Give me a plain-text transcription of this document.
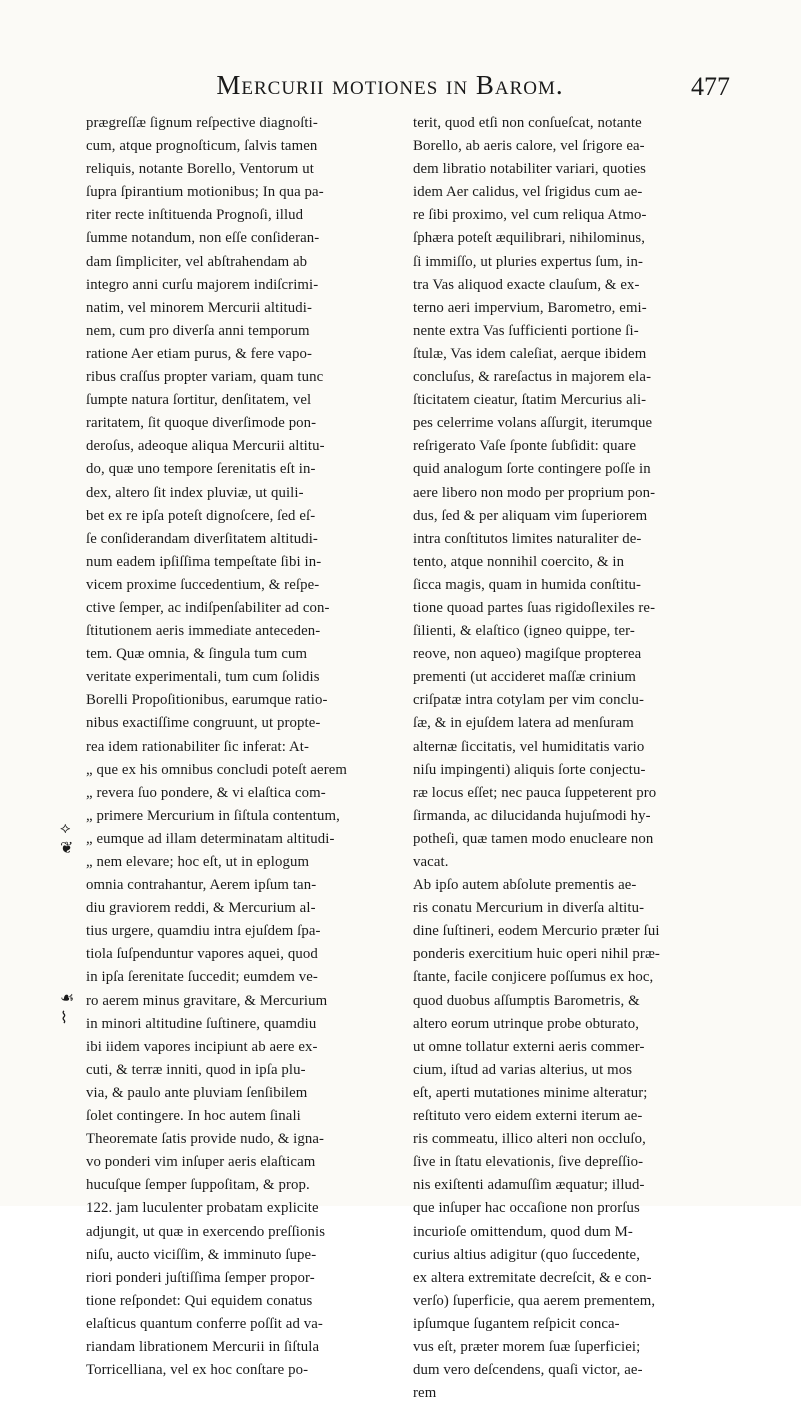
Mercurii motiones in Barom.	477
⟡
❦
☙
⌇
prægreſſæ ſignum reſpective diagnoſti-
cum, atque prognoſticum, ſalvis tamen
reliquis, notante Borello, Ventorum ut
ſupra ſpirantium motionibus; In qua pa-
riter recte inſtituenda Prognoſi, illud
ſumme notandum, non eſſe conſideran-
dam ſimpliciter, vel abſtrahendam ab
integro anni curſu majorem indiſcrimi-
natim, vel minorem Mercurii altitudi-
nem, cum pro diverſa anni temporum
ratione Aer etiam purus, & fere vapo-
ribus craſſus propter variam, quam tunc
ſumpte natura ſortitur, denſitatem, vel
raritatem, ſit quoque diverſimode pon-
deroſus, adeoque aliqua Mercurii altitu-
do, quæ uno tempore ſerenitatis eſt in-
dex, altero ſit index pluviæ, ut quili-
bet ex re ipſa poteſt dignoſcere, ſed eſ-
ſe conſiderandam diverſitatem altitudi-
num eadem ipſiſſima tempeſtate ſibi in-
vicem proxime ſuccedentium, & reſpe-
ctive ſemper, ac indiſpenſabiliter ad con-
ſtitutionem aeris immediate anteceden-
tem. Quæ omnia, & ſingula tum cum
veritate experimentali, tum cum ſolidis
Borelli Propoſitionibus, earumque ratio-
nibus exactiſſime congruunt, ut propte-
rea idem rationabiliter ſic inferat: At-
„ que ex his omnibus concludi poteſt aerem
„ revera ſuo pondere, & vi elaſtica com-
„ primere Mercurium in ſiſtula contentum,
„ eumque ad illam determinatam altitudi-
„ nem elevare; hoc eſt, ut in eplogum
omnia contrahantur, Aerem ipſum tan-
diu graviorem reddi, & Mercurium al-
tius urgere, quamdiu intra ejuſdem ſpa-
tiola ſuſpenduntur vapores aquei, quod
in ipſa ſerenitate ſuccedit; eumdem ve-
ro aerem minus gravitare, & Mercurium
in minori altitudine ſuſtinere, quamdiu
ibi iidem vapores incipiunt ab aere ex-
cuti, & terræ inniti, quod in ipſa plu-
via, & paulo ante pluviam ſenſibilem
ſolet contingere. In hoc autem ſinali
Theoremate ſatis provide nudo, & igna-
vo ponderi vim inſuper aeris elaſticam
hucuſque ſemper ſuppoſitam, & prop.
122. jam luculenter probatam explicite
adjungit, ut quæ in exercendo preſſionis
niſu, aucto viciſſim, & imminuto ſupe-
riori ponderi juſtiſſima ſemper propor-
tione reſpondet: Qui equidem conatus
elaſticus quantum conferre poſſit ad va-
riandam librationem Mercurii in ſiſtula
Torricelliana, vel ex hoc conſtare po-
terit, quod etſi non conſueſcat, notante
Borello, ab aeris calore, vel ſrigore ea-
dem libratio notabiliter variari, quoties
idem Aer calidus, vel ſrigidus cum ae-
re ſibi proximo, vel cum reliqua Atmo-
ſphæra poteſt æquilibrari, nihilominus,
ſi immiſſo, ut pluries expertus ſum, in-
tra Vas aliquod exacte clauſum, & ex-
terno aeri impervium, Barometro, emi-
nente extra Vas ſufficienti portione ſi-
ſtulæ, Vas idem caleſiat, aerque ibidem
concluſus, & rareſactus in majorem ela-
ſticitatem cieatur, ſtatim Mercurius ali-
pes celerrime volans aſſurgit, iterumque
reſrigerato Vaſe ſponte ſubſidit: quare
quid analogum ſorte contingere poſſe in
aere libero non modo per proprium pon-
dus, ſed & per aliquam vim ſuperiorem
intra conſtitutos limites naturaliter de-
tento, atque nonnihil coercito, & in
ſicca magis, quam in humida conſtitu-
tione quoad partes ſuas rigidoſlexiles re-
ſilienti, & elaſtico (igneo quippe, ter-
reove, non aqueo) magiſque propterea
prementi (ut accideret maſſæ crinium
criſpatæ intra cotylam per vim conclu-
ſæ, & in ejuſdem latera ad menſuram
alternæ ſiccitatis, vel humiditatis vario
niſu impingenti) aliquis ſorte conjectu-
ræ locus eſſet; nec pauca ſuppeterent pro
ſirmanda, ac dilucidanda hujuſmodi hy-
potheſi, quæ tamen modo enucleare non
vacat.
Ab ipſo autem abſolute prementis ae-
ris conatu Mercurium in diverſa altitu-
dine ſuſtineri, eodem Mercurio præter ſui
ponderis exercitium huic operi nihil præ-
ſtante, facile conjicere poſſumus ex hoc,
quod duobus aſſumptis Barometris, &
altero eorum utrinque probe obturato,
ut omne tollatur externi aeris commer-
cium, iſtud ad varias alterius, ut mos
eſt, aperti mutationes minime alteratur;
reſtituto vero eidem externi iterum ae-
ris commeatu, illico alteri non occluſo,
ſive in ſtatu elevationis, ſive depreſſio-
nis exiſtenti adamuſſim æquatur; illud-
que inſuper hac occaſione non prorſus
incurioſe omittendum, quod dum M-
curius altius adigitur (quo ſuccedente,
ex altera extremitate decreſcit, & e con-
verſo) ſuperficie, qua aerem prementem,
ipſumque ſugantem reſpicit conca-
vus eſt, præter morem ſuæ ſuperficiei;
dum vero deſcendens, quaſi victor, ae-
rem
